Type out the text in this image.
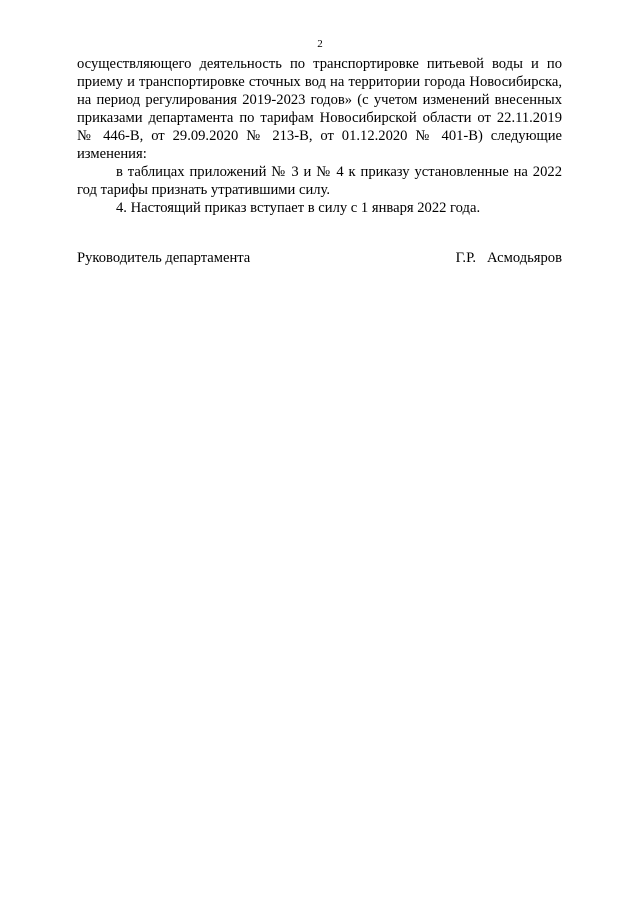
2

осуществляющего деятельность по транспортировке питьевой воды и по приему и транспортировке сточных вод на территории города Новосибирска, на период регулирования 2019-2023 годов» (с учетом изменений внесенных приказами департамента по тарифам Новосибирской области от 22.11.2019 № 446-В, от 29.09.2020 № 213-В, от 01.12.2020 № 401-В) следующие изменения:

в таблицах приложений № 3 и № 4 к приказу установленные на 2022 год тарифы признать утратившими силу.

4. Настоящий приказ вступает в силу с 1 января 2022 года.

Руководитель департамента	Г.Р.   Асмодьяров
